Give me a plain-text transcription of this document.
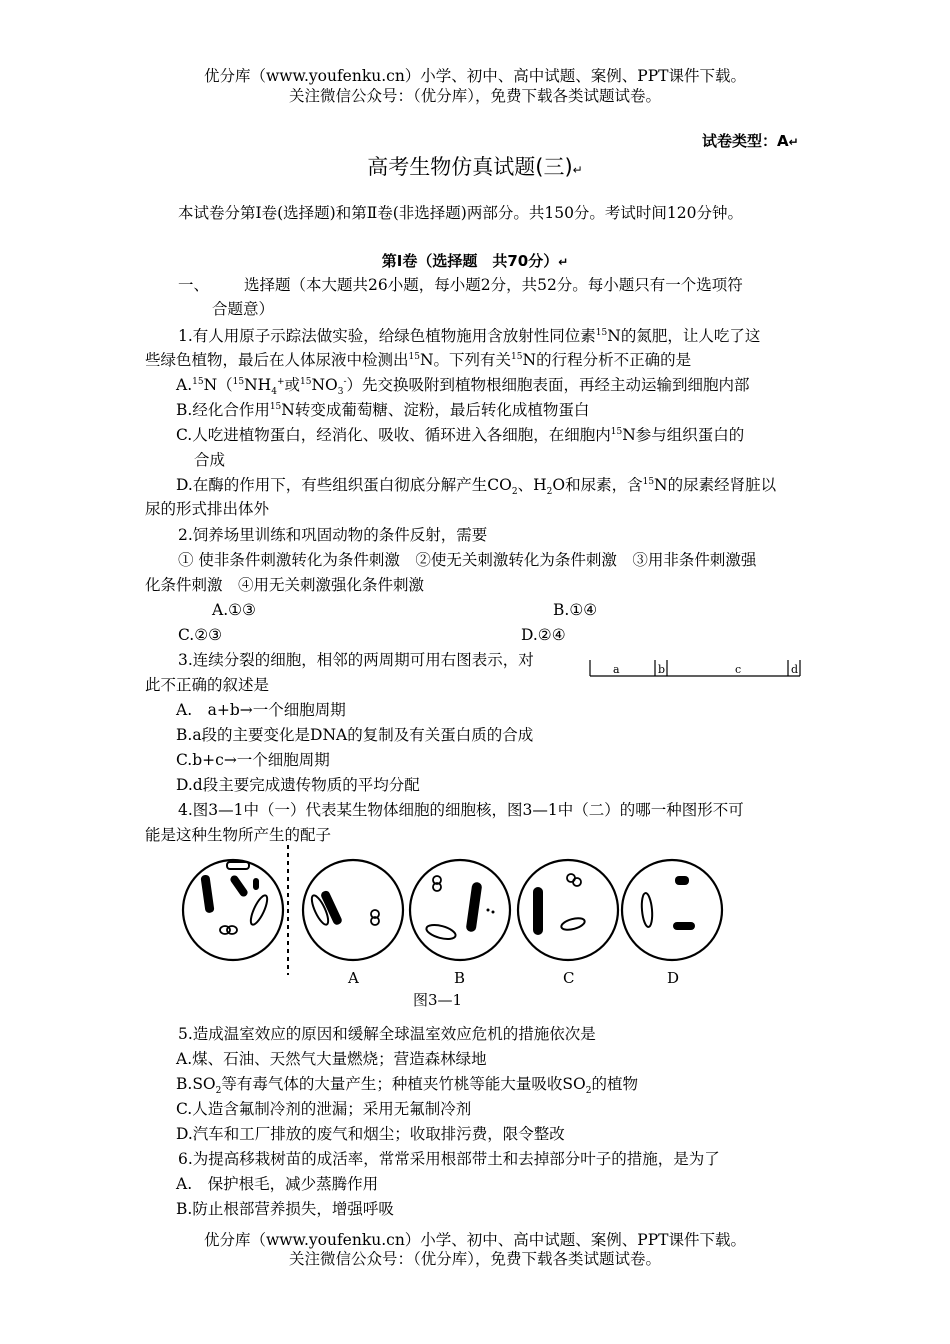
优分库（www.youfenku.cn）小学、初中、高中试题、案例、PPT课件下载。
关注微信公众号：（优分库），免费下载各类试题试卷。
试卷类型：A↵
高考生物仿真试题(三)↵
本试卷分第Ⅰ卷(选择题)和第Ⅱ卷(非选择题)两部分。共150分。考试时间120分钟。
第Ⅰ卷（选择题　共70分）↵
一、 选择题（本大题共26小题，每小题2分，共52分。每小题只有一个选项符
合题意）
1.有人用原子示踪法做实验，给绿色植物施用含放射性同位素$^{15}$N的氮肥，让人吃了这
些绿色植物，最后在人体尿液中检测出$^{15}$N。下列有关$^{15}$N的行程分析不正确的是
$A.^{15}N(^{15}NH_4^+$或$^{15}NO_3^-$）先交换吸附到植物根细胞表面，再经主动运输到细胞内部
B.经化合作用$^{15}$N转变成葡萄糖、淀粉，最后转化成植物蛋白
C.人吃进植物蛋白，经消化、吸收、循环进入各细胞，在细胞内$^{15}$N参与组织蛋白的
合成
D.在酶的作用下，有些组织蛋白彻底分解产生$CO_2$、$H_2O$和尿素，含$^{15}$N的尿素经肾脏以
尿的形式排出体外
2.饲养场里训练和巩固动物的条件反射，需要
① 使非条件刺激转化为条件刺激　②使无关刺激转化为条件刺激　③用非条件刺激强
化条件刺激　④用无关刺激强化条件刺激
A.①③	B.①④
C.②③	D.②④
3.连续分裂的细胞，相邻的两周期可用右图表示，对
此不正确的叙述是
a	b	c	d
A.　a+b→一个细胞周期
B.a段的主要变化是DNA的复制及有关蛋白质的合成
C.b+c→一个细胞周期
D.d段主要完成遗传物质的平均分配
4.图3—1中（一）代表某生物体细胞的细胞核，图3—1中（二）的哪一种图形不可
能是这种生物所产生的配子
A	B	C	D
图3—1
5.造成温室效应的原因和缓解全球温室效应危机的措施依次是
A.煤、石油、天然气大量燃烧；营造森林绿地
$B.SO_2$等有毒气体的大量产生；种植夹竹桃等能大量吸收$SO_2$的植物
C.人造含氟制冷剂的泄漏；采用无氟制冷剂
D.汽车和工厂排放的废气和烟尘；收取排污费，限令整改
6.为提高移栽树苗的成活率，常常采用根部带土和去掉部分叶子的措施，是为了
A.　保护根毛，减少蒸腾作用
B.防止根部营养损失，增强呼吸
优分库（www.youfenku.cn）小学、初中、高中试题、案例、PPT课件下载。
关注微信公众号：（优分库），免费下载各类试题试卷。
